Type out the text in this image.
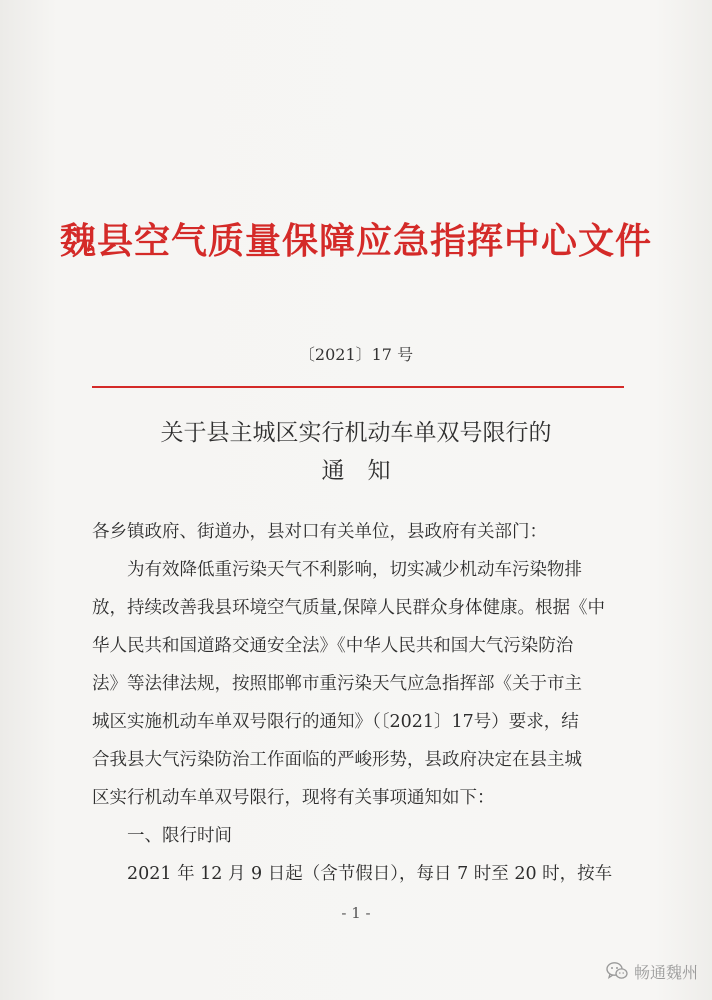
魏县空气质量保障应急指挥中心文件
〔2021〕17 号
关于县主城区实行机动车单双号限行的
通　知
各乡镇政府、街道办，县对口有关单位，县政府有关部门：
　　为有效降低重污染天气不利影响，切实减少机动车污染物排
放，持续改善我县环境空气质量,保障人民群众身体健康。根据《中
华人民共和国道路交通安全法》《中华人民共和国大气污染防治
法》等法律法规，按照邯郸市重污染天气应急指挥部《关于市主
城区实施机动车单双号限行的通知》（〔2021〕17号）要求，结
合我县大气污染防治工作面临的严峻形势，县政府决定在县主城
区实行机动车单双号限行，现将有关事项通知如下：
　　一、限行时间
　　2021 年 12 月 9 日起（含节假日），每日 7 时至 20 时，按车
- 1 -
畅通魏州
